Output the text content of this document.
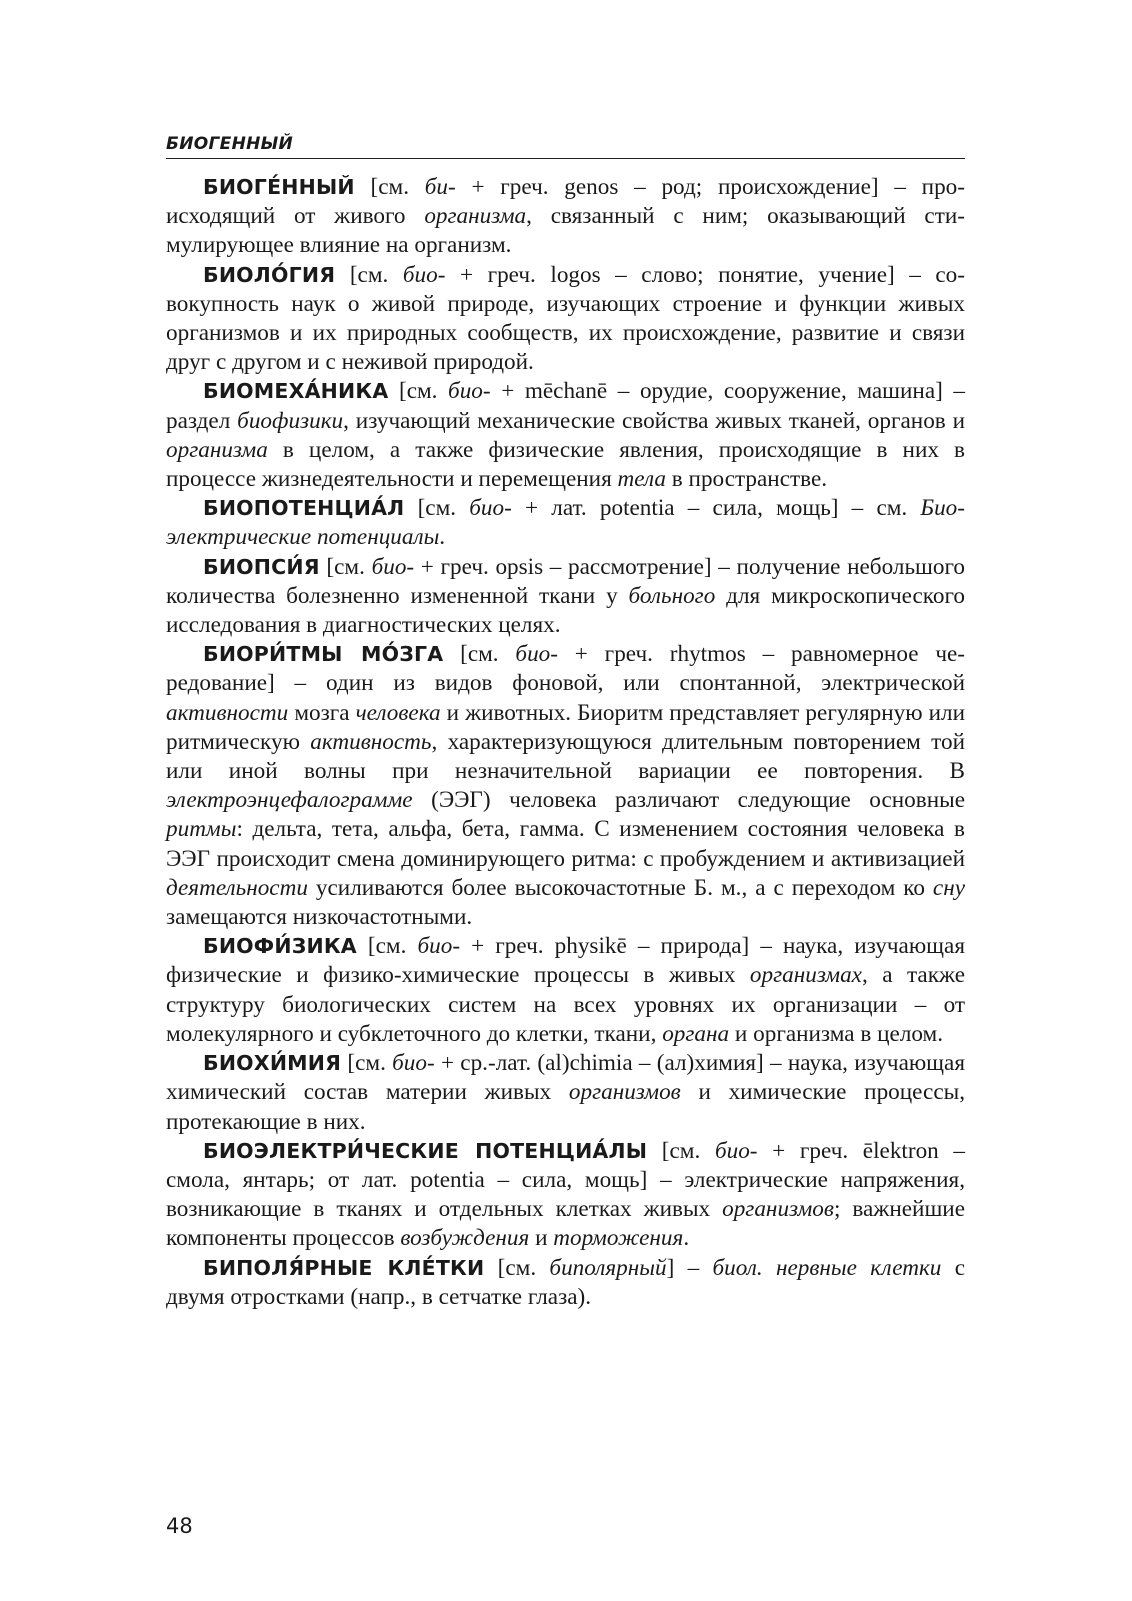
БИОГЕННЫЙ

БИОГЕ́ННЫЙ [см. би- + греч. genos – род; происхождение] – происходящий от живого организма, связанный с ним; оказывающий стимулирующее влияние на организм.

БИОЛО́ГИЯ [см. био- + греч. logos – слово; понятие, учение] – совокупность наук о живой природе, изучающих строение и функции живых организмов и их природных сообществ, их происхождение, развитие и связи друг с другом и с неживой природой.

БИОМЕХА́НИКА [см. био- + mēchanē – орудие, сооружение, машина] – раздел биофизики, изучающий механические свойства живых тканей, органов и организма в целом, а также физические явления, происходящие в них в процессе жизнедеятельности и перемещения тела в пространстве.

БИОПОТЕНЦИА́Л [см. био- + лат. potentia – сила, мощь] – см. Биоэлектрические потенциалы.

БИОПСИ́Я [см. био- + греч. opsis – рассмотрение] – получение небольшого количества болезненно измененной ткани у больного для микроскопического исследования в диагностических целях.

БИОРИ́ТМЫ МО́ЗГА [см. био- + греч. rhytmos – равномерное чередование] – один из видов фоновой, или спонтанной, электрической активности мозга человека и животных. Биоритм представляет регулярную или ритмическую активность, характеризующуюся длительным повторением той или иной волны при незначительной вариации ее повторения. В электроэнцефалограмме (ЭЭГ) человека различают следующие основные ритмы: дельта, тета, альфа, бета, гамма. С изменением состояния человека в ЭЭГ происходит смена доминирующего ритма: с пробуждением и активизацией деятельности усиливаются более высокочастотные Б. м., а с переходом ко сну замещаются низкочастотными.

БИОФИ́ЗИКА [см. био- + греч. physikē – природа] – наука, изучающая физические и физико-химические процессы в живых организмах, а также структуру биологических систем на всех уровнях их организации – от молекулярного и субклеточного до клетки, ткани, органа и организма в целом.

БИОХИ́МИЯ [см. био- + ср.-лат. (al)chimia – (ал)химия] – наука, изучающая химический состав материи живых организмов и химические процессы, протекающие в них.

БИОЭЛЕКТРИ́ЧЕСКИЕ ПОТЕНЦИА́ЛЫ [см. био- + греч. ēlektron – смола, янтарь; от лат. potentia – сила, мощь] – электрические напряжения, возникающие в тканях и отдельных клетках живых организмов; важнейшие компоненты процессов возбуждения и торможения.

БИПОЛЯ́РНЫЕ КЛЕ́ТКИ [см. биполярный] – биол. нервные клетки с двумя отростками (напр., в сетчатке глаза).

48
